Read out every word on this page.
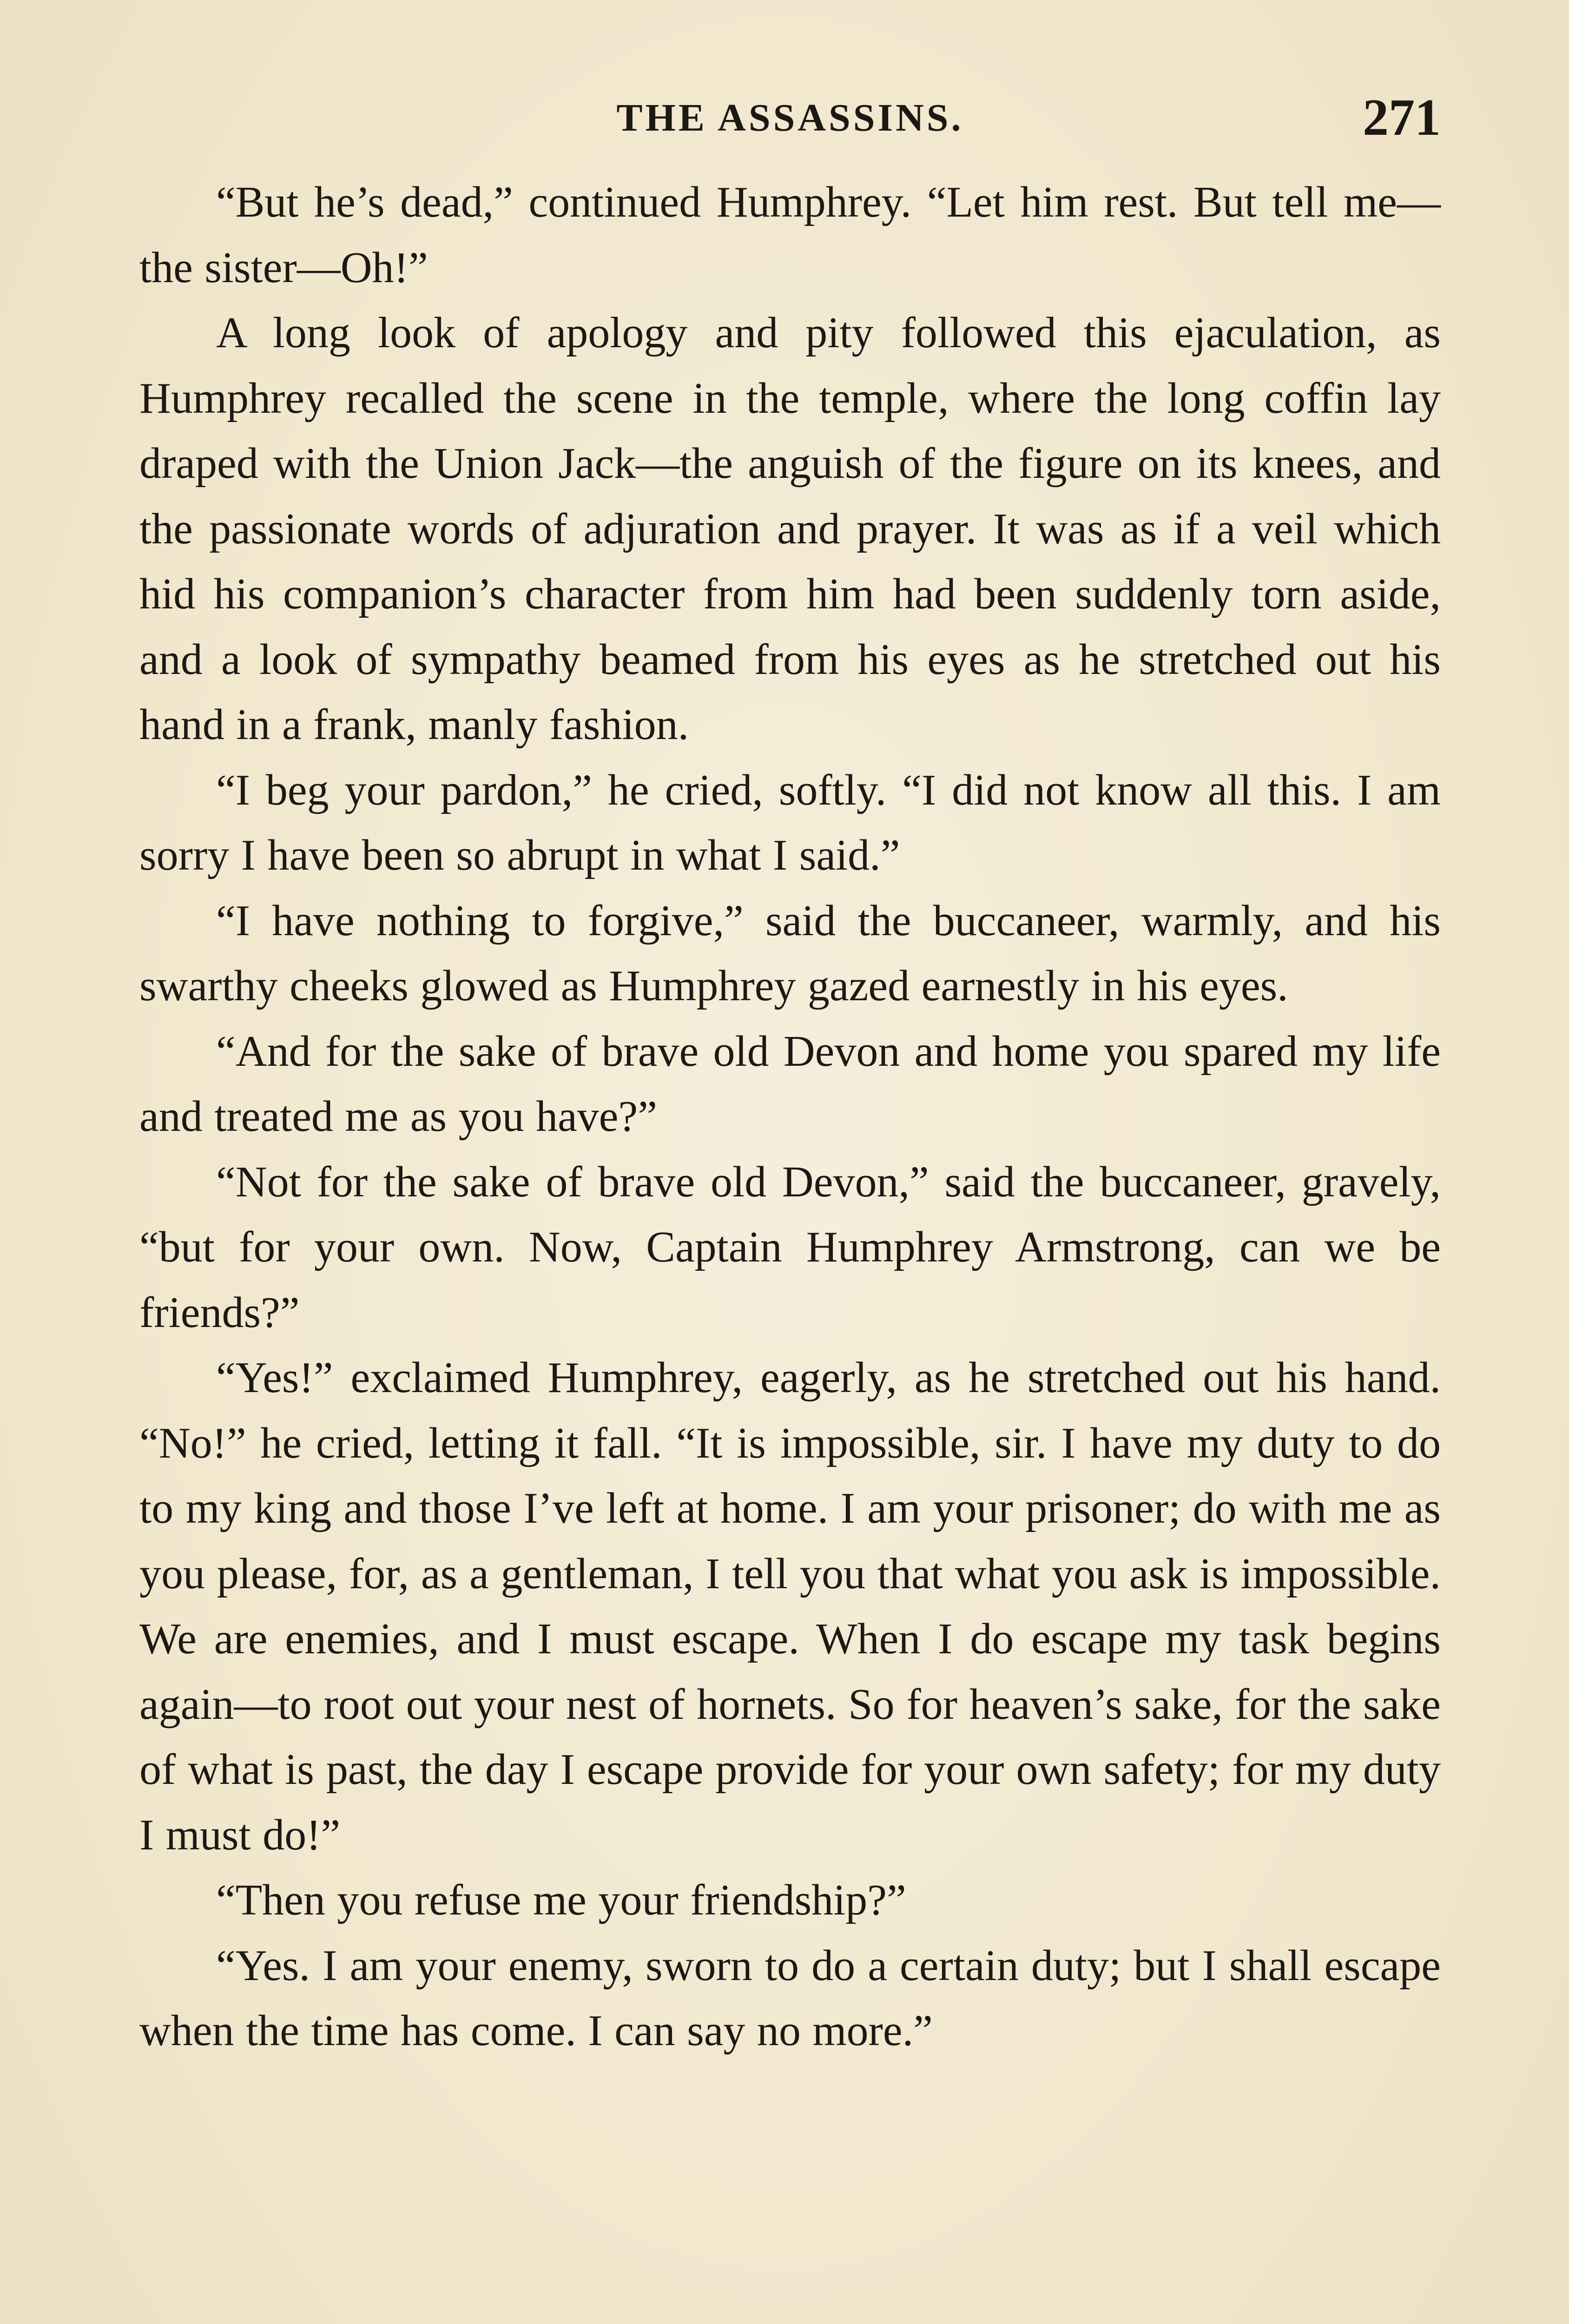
THE ASSASSINS.	271

“But he’s dead,” continued Humphrey. “Let him rest. But tell me—the sister—Oh!”

A long look of apology and pity followed this ejaculation, as Humphrey recalled the scene in the temple, where the long coffin lay draped with the Union Jack—the anguish of the figure on its knees, and the passionate words of adjuration and prayer. It was as if a veil which hid his companion’s character from him had been suddenly torn aside, and a look of sympathy beamed from his eyes as he stretched out his hand in a frank, manly fashion.

“I beg your pardon,” he cried, softly. “I did not know all this. I am sorry I have been so abrupt in what I said.”

“I have nothing to forgive,” said the buccaneer, warmly, and his swarthy cheeks glowed as Humphrey gazed earnestly in his eyes.

“And for the sake of brave old Devon and home you spared my life and treated me as you have?”

“Not for the sake of brave old Devon,” said the buccaneer, gravely, “but for your own. Now, Captain Humphrey Armstrong, can we be friends?”

“Yes!” exclaimed Humphrey, eagerly, as he stretched out his hand. “No!” he cried, letting it fall. “It is impossible, sir. I have my duty to do to my king and those I’ve left at home. I am your prisoner; do with me as you please, for, as a gentleman, I tell you that what you ask is impossible. We are enemies, and I must escape. When I do escape my task begins again—to root out your nest of hornets. So for heaven’s sake, for the sake of what is past, the day I escape provide for your own safety; for my duty I must do!”

“Then you refuse me your friendship?”

“Yes. I am your enemy, sworn to do a certain duty; but I shall escape when the time has come. I can say no more.”
